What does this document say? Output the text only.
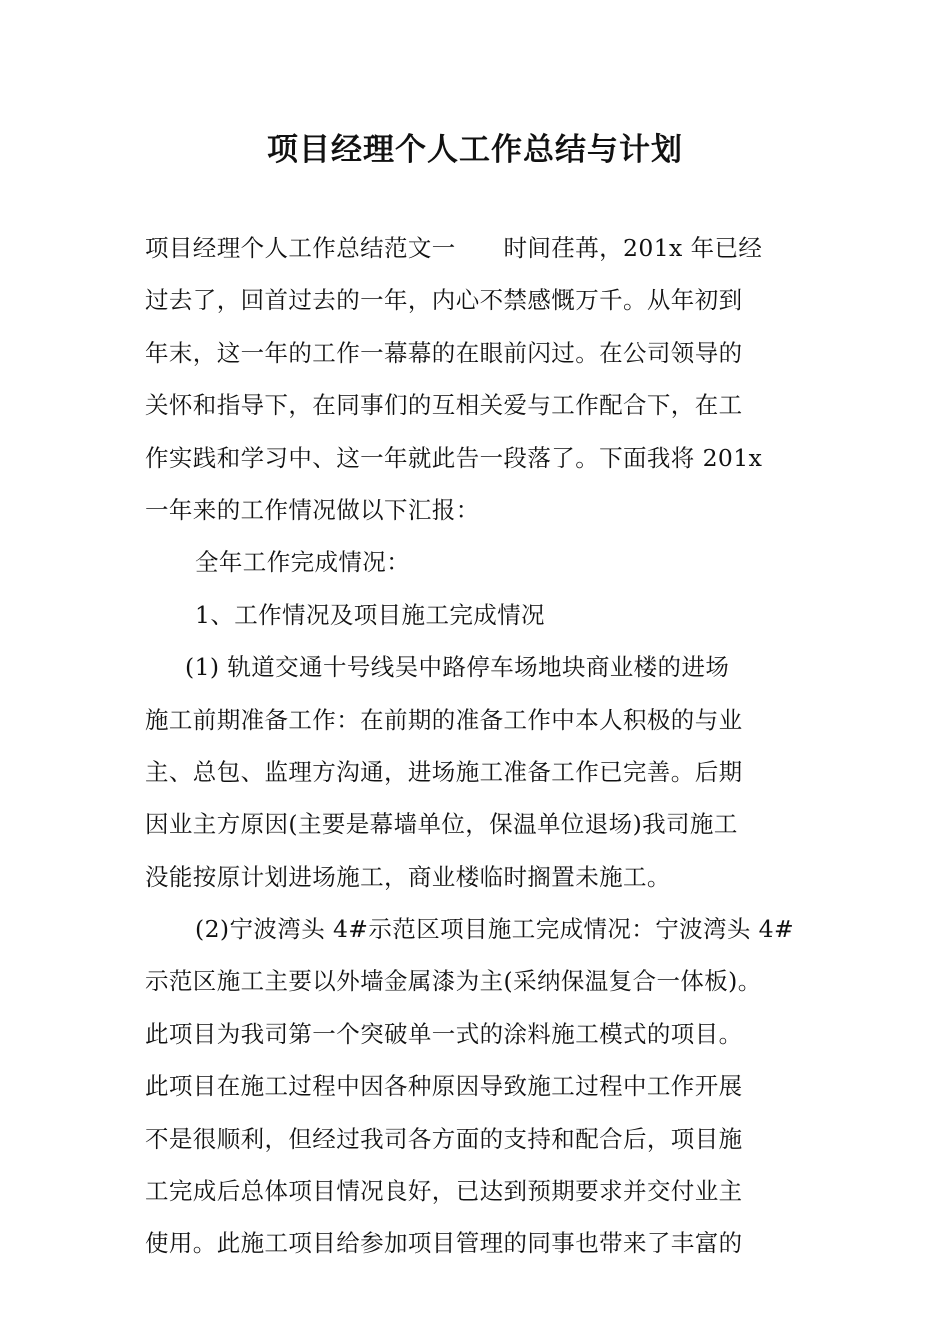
项目经理个人工作总结与计划
项目经理个人工作总结范文一　　时间荏苒，201x 年已经
过去了，回首过去的一年，内心不禁感慨万千。从年初到
年末，这一年的工作一幕幕的在眼前闪过。在公司领导的
关怀和指导下，在同事们的互相关爱与工作配合下，在工
作实践和学习中、这一年就此告一段落了。下面我将 201x
一年来的工作情况做以下汇报：
全年工作完成情况：
1、工作情况及项目施工完成情况
(1) 轨道交通十号线吴中路停车场地块商业楼的进场
施工前期准备工作：在前期的准备工作中本人积极的与业
主、总包、监理方沟通，进场施工准备工作已完善。后期
因业主方原因(主要是幕墙单位，保温单位退场)我司施工
没能按原计划进场施工，商业楼临时搁置未施工。
(2)宁波湾头 4#示范区项目施工完成情况：宁波湾头 4#
示范区施工主要以外墙金属漆为主(采纳保温复合一体板)。
此项目为我司第一个突破单一式的涂料施工模式的项目。
此项目在施工过程中因各种原因导致施工过程中工作开展
不是很顺利，但经过我司各方面的支持和配合后，项目施
工完成后总体项目情况良好，已达到预期要求并交付业主
使用。此施工项目给参加项目管理的同事也带来了丰富的
